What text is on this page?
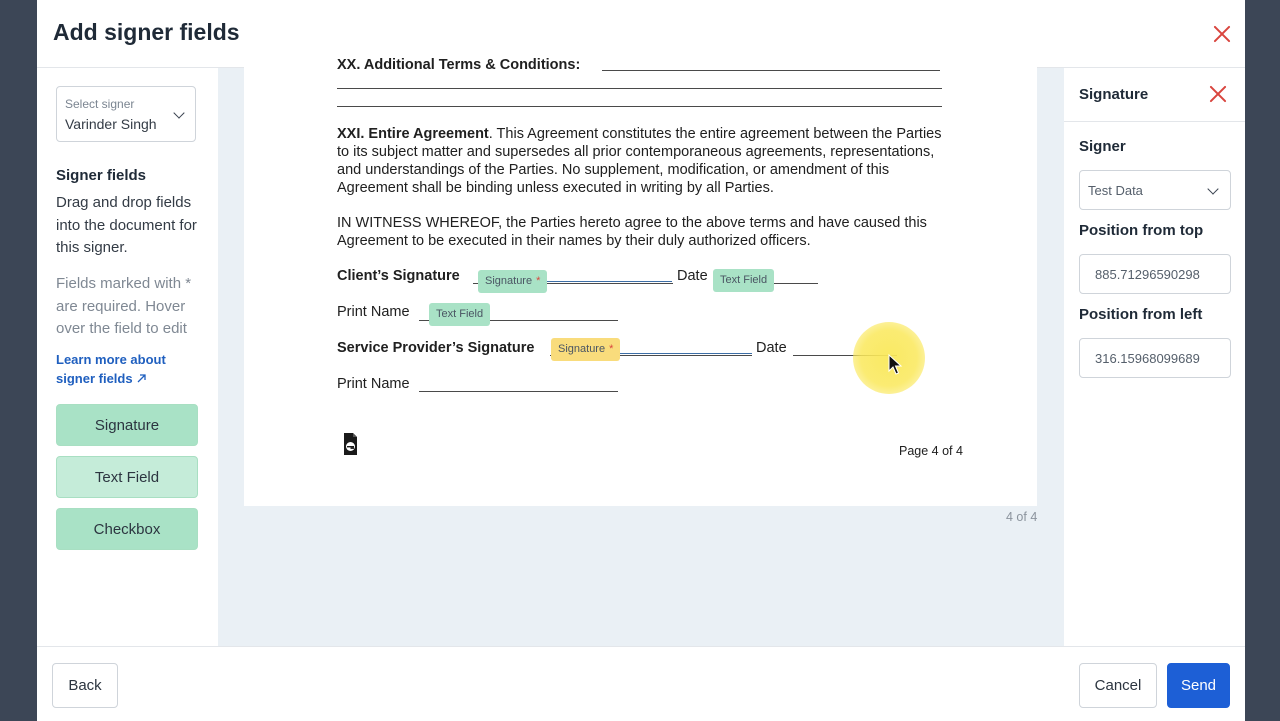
Add signer fields
Select signer
Varinder Singh
Signer fields
Drag and drop fields into the document for this signer.
Fields marked with * are required. Hover over the field to edit
Learn more about signer fields
Signature
Text Field
Checkbox
XX. Additional Terms & Conditions:
XXI. Entire Agreement. This Agreement constitutes the entire agreement between the Parties to its subject matter and supersedes all prior contemporaneous agreements, representations, and understandings of the Parties. No supplement, modification, or amendment of this Agreement shall be binding unless executed in writing by all Parties.
IN WITNESS WHEREOF, the Parties hereto agree to the above terms and have caused this Agreement to be executed in their names by their duly authorized officers.
Client’s Signature	Signature *	Date	Text Field
Print Name	Text Field
Service Provider’s Signature	Signature *	Date
Print Name
Page 4 of 4
4 of 4
Signature
Signer
Test Data
Position from top
885.71296590298
Position from left
316.15968099689
Back	Cancel	Send
